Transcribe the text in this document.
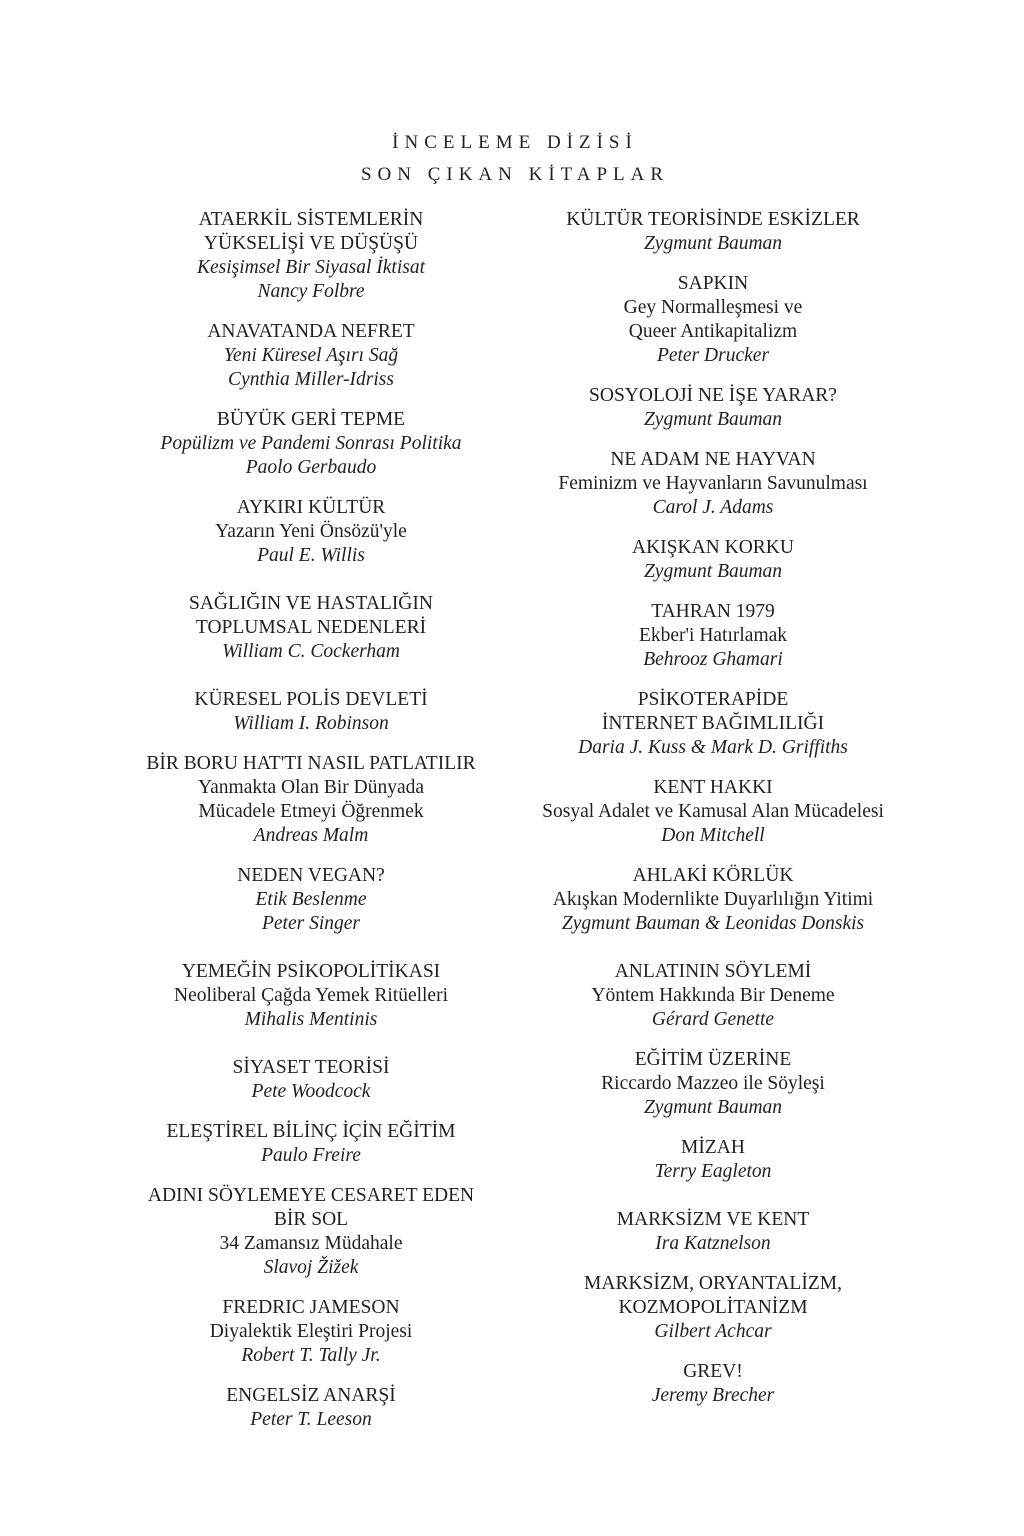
İNCELEME DİZİSİ
SON ÇIKAN KİTAPLAR
ATAERKİL SİSTEMLERİN
YÜKSELİŞİ VE DÜŞÜŞÜ
Kesişimsel Bir Siyasal İktisat
Nancy Folbre
ANAVATANDA NEFRET
Yeni Küresel Aşırı Sağ
Cynthia Miller-Idriss
BÜYÜK GERİ TEPME
Popülizm ve Pandemi Sonrası Politika
Paolo Gerbaudo
AYKIRI KÜLTÜR
Yazarın Yeni Önsözü'yle
Paul E. Willis
SAĞLIĞIN VE HASTALIĞIN
TOPLUMSAL NEDENLERİ
William C. Cockerham
KÜRESEL POLİS DEVLETİ
William I. Robinson
BİR BORU HAT'TI NASIL PATLATILIR
Yanmakta Olan Bir Dünyada
Mücadele Etmeyi Öğrenmek
Andreas Malm
NEDEN VEGAN?
Etik Beslenme
Peter Singer
YEMEĞİN PSİKOPOLİTİKASI
Neoliberal Çağda Yemek Ritüelleri
Mihalis Mentinis
SİYASET TEORİSİ
Pete Woodcock
ELEŞTİREL BİLİNÇ İÇİN EĞİTİM
Paulo Freire
ADINI SÖYLEMEYE CESARET EDEN
BİR SOL
34 Zamansız Müdahale
Slavoj Žižek
FREDRIC JAMESON
Diyalektik Eleştiri Projesi
Robert T. Tally Jr.
ENGELSİZ ANARŞİ
Peter T. Leeson
KÜLTÜR TEORİSİNDE ESKİZLER
Zygmunt Bauman
SAPKIN
Gey Normalleşmesi ve
Queer Antikapitalizm
Peter Drucker
SOSYOLOJİ NE İŞE YARAR?
Zygmunt Bauman
NE ADAM NE HAYVAN
Feminizm ve Hayvanların Savunulması
Carol J. Adams
AKIŞKAN KORKU
Zygmunt Bauman
TAHRAN 1979
Ekber'i Hatırlamak
Behrooz Ghamari
PSİKOTERAPİDE
İNTERNET BAĞIMLILIĞI
Daria J. Kuss & Mark D. Griffiths
KENT HAKKI
Sosyal Adalet ve Kamusal Alan Mücadelesi
Don Mitchell
AHLAKİ KÖRLÜK
Akışkan Modernlikte Duyarlılığın Yitimi
Zygmunt Bauman & Leonidas Donskis
ANLATININ SÖYLEMİ
Yöntem Hakkında Bir Deneme
Gérard Genette
EĞİTİM ÜZERİNE
Riccardo Mazzeo ile Söyleşi
Zygmunt Bauman
MİZAH
Terry Eagleton
MARKSİZM VE KENT
Ira Katznelson
MARKSİZM, ORYANTALİZM,
KOZMOPOLİTANİZM
Gilbert Achcar
GREV!
Jeremy Brecher
